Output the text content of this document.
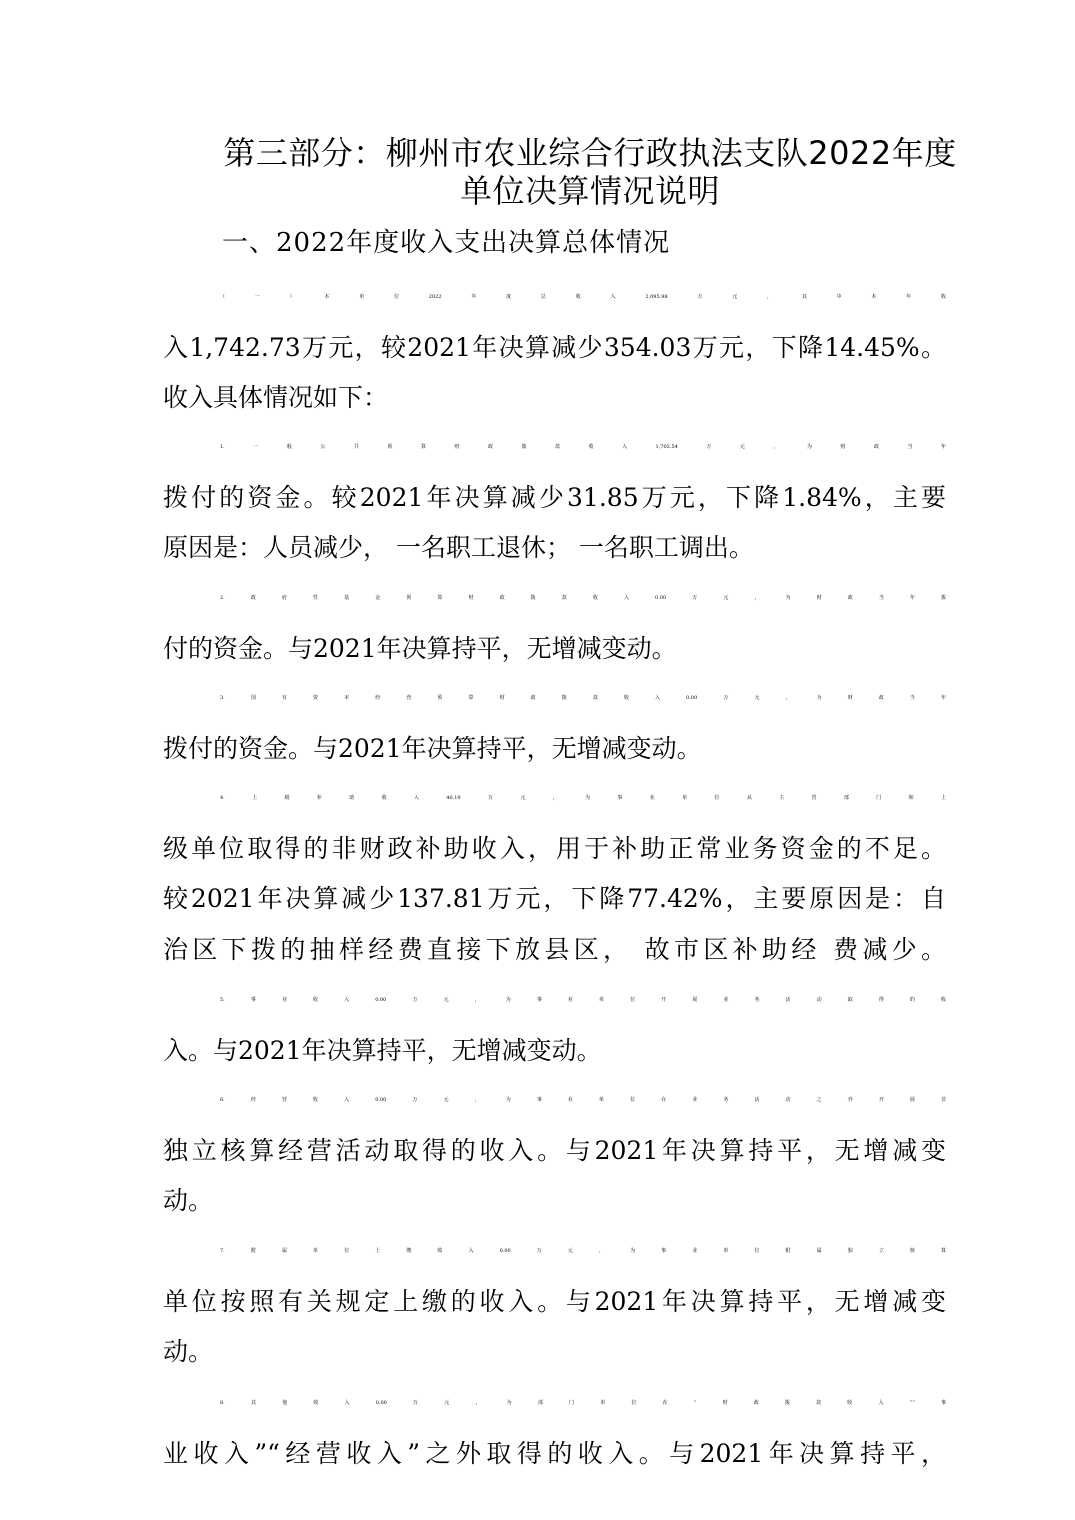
第三部分：柳州市农业综合行政执法支队2022年度
单位决算情况说明
一、2022年度收入支出决算总体情况
（一）本单位2022年度总收入2,095.98万元，其中本年收
入1,742.73万元，较2021年决算减少354.03万元，下降14.45%。
收入具体情况如下：
1.一般公共预算财政拨款收入1,702.54万元，为财政当年
拨付的资金。较2021年决算减少31.85万元，下降1.84%，主要
原因是：人员减少， 一名职工退休； 一名职工调出。
2.政府性基金预算财政拨款收入0.00万元，为财政当年拨
付的资金。与2021年决算持平，无增减变动。
3.国有资本经营预算财政拨款收入0.00万元，为财政当年
拨付的资金。与2021年决算持平，无增减变动。
4.上级补助收入40.19万元，为事业单位从主管部门和上
级单位取得的非财政补助收入，用于补助正常业务资金的不足。
较2021年决算减少137.81万元，下降77.42%，主要原因是：自
治区下拨的抽样经费直接下放县区， 故市区补助经 费减少。
5.事业收入0.00万元，为事业单位开展业务活动取得的收
入。与2021年决算持平，无增减变动。
6.经营收入0.00万元，为事业单位在业务活动之外开展非
独立核算经营活动取得的收入。与2021年决算持平，无增减变
动。
7.附属单位上缴收入0.00万元，为事业单位附属独立核算
单位按照有关规定上缴的收入。与2021年决算持平，无增减变
动。
8.其他收入0.00万元，为部门单位在“财政拨款收入”“事
业收入”“经营收入”之外取得的收入。与2021年决算持平，
